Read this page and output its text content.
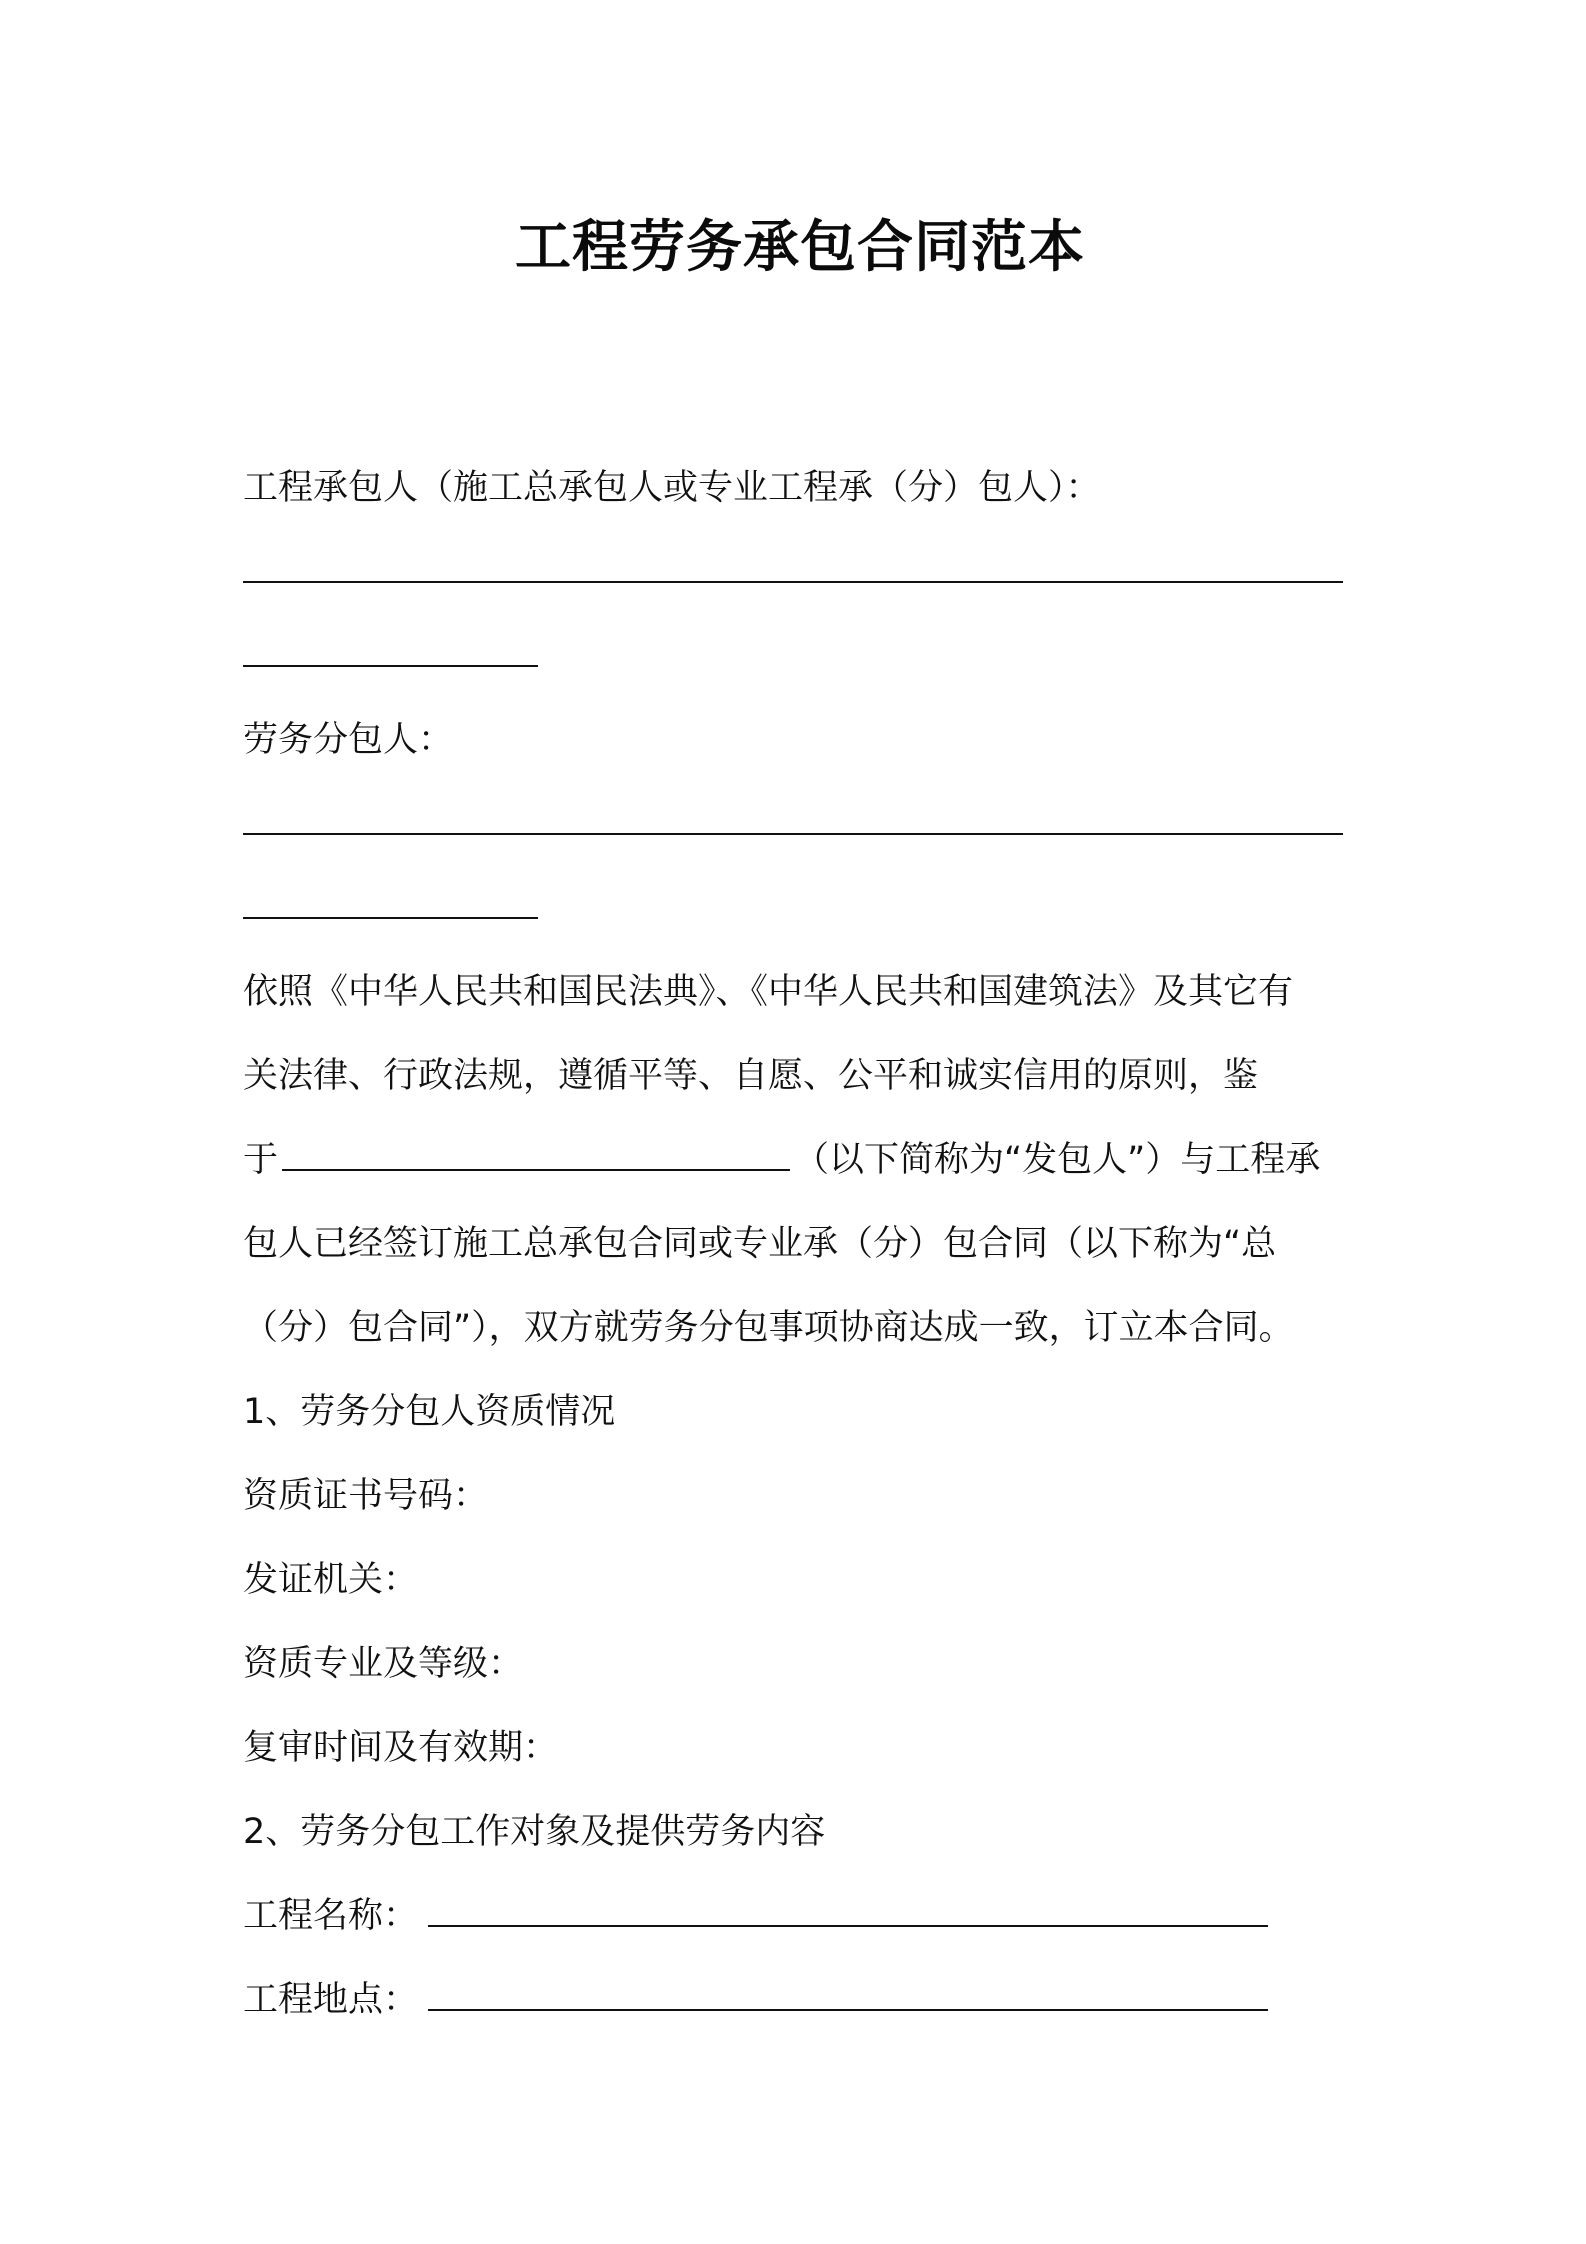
工程劳务承包合同范本
工程承包人（施工总承包人或专业工程承（分）包人）：
劳务分包人：
依照《中华人民共和国民法典》、《中华人民共和国建筑法》及其它有
关法律、行政法规，遵循平等、自愿、公平和诚实信用的原则，鉴
于	（以下简称为“发包人”）与工程承
包人已经签订施工总承包合同或专业承（分）包合同（以下称为“总
（分）包合同”），双方就劳务分包事项协商达成一致，订立本合同。
1、劳务分包人资质情况
资质证书号码：
发证机关：
资质专业及等级：
复审时间及有效期：
2、劳务分包工作对象及提供劳务内容
工程名称：
工程地点：
